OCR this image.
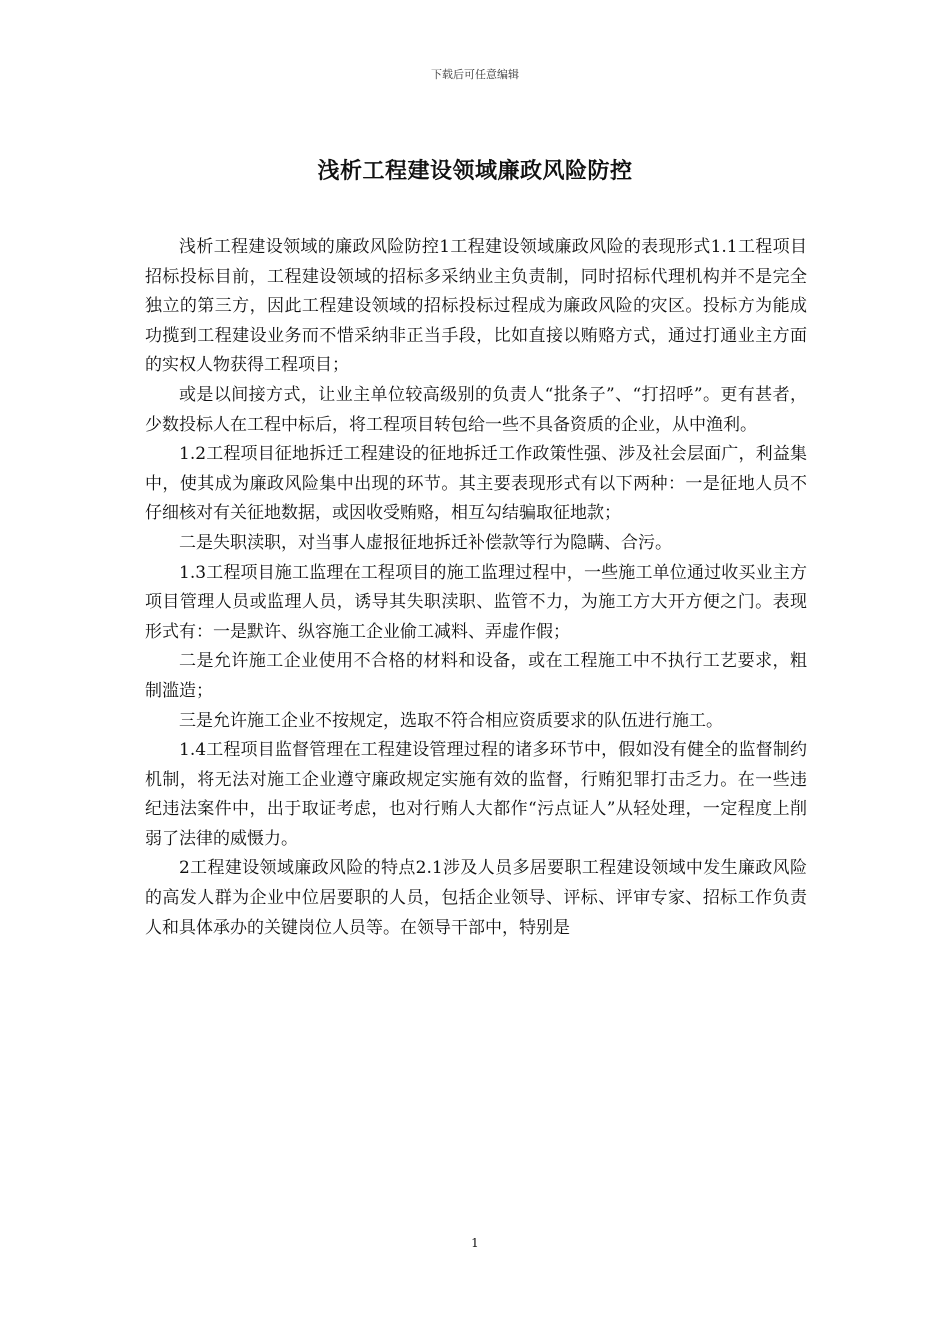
下载后可任意编辑
浅析工程建设领域廉政风险防控

浅析工程建设领域的廉政风险防控1工程建设领域廉政风险的表现形式1.1工程项目招标投标目前，工程建设领域的招标多采纳业主负责制，同时招标代理机构并不是完全独立的第三方，因此工程建设领域的招标投标过程成为廉政风险的灾区。投标方为能成功揽到工程建设业务而不惜采纳非正当手段，比如直接以贿赂方式，通过打通业主方面的实权人物获得工程项目；

或是以间接方式，让业主单位较高级别的负责人“批条子”、“打招呼”。更有甚者，少数投标人在工程中标后，将工程项目转包给一些不具备资质的企业，从中渔利。

1.2工程项目征地拆迁工程建设的征地拆迁工作政策性强、涉及社会层面广，利益集中，使其成为廉政风险集中出现的环节。其主要表现形式有以下两种：一是征地人员不仔细核对有关征地数据，或因收受贿赂，相互勾结骗取征地款；

二是失职渎职，对当事人虚报征地拆迁补偿款等行为隐瞒、合污。

1.3工程项目施工监理在工程项目的施工监理过程中，一些施工单位通过收买业主方项目管理人员或监理人员，诱导其失职渎职、监管不力，为施工方大开方便之门。表现形式有：一是默许、纵容施工企业偷工减料、弄虚作假；

二是允许施工企业使用不合格的材料和设备，或在工程施工中不执行工艺要求，粗制滥造；

三是允许施工企业不按规定，选取不符合相应资质要求的队伍进行施工。

1.4工程项目监督管理在工程建设管理过程的诸多环节中，假如没有健全的监督制约机制，将无法对施工企业遵守廉政规定实施有效的监督，行贿犯罪打击乏力。在一些违纪违法案件中，出于取证考虑，也对行贿人大都作“污点证人”从轻处理，一定程度上削弱了法律的威慑力。

2工程建设领域廉政风险的特点2.1涉及人员多居要职工程建设领域中发生廉政风险的高发人群为企业中位居要职的人员，包括企业领导、评标、评审专家、招标工作负责人和具体承办的关键岗位人员等。在领导干部中，特别是

1
